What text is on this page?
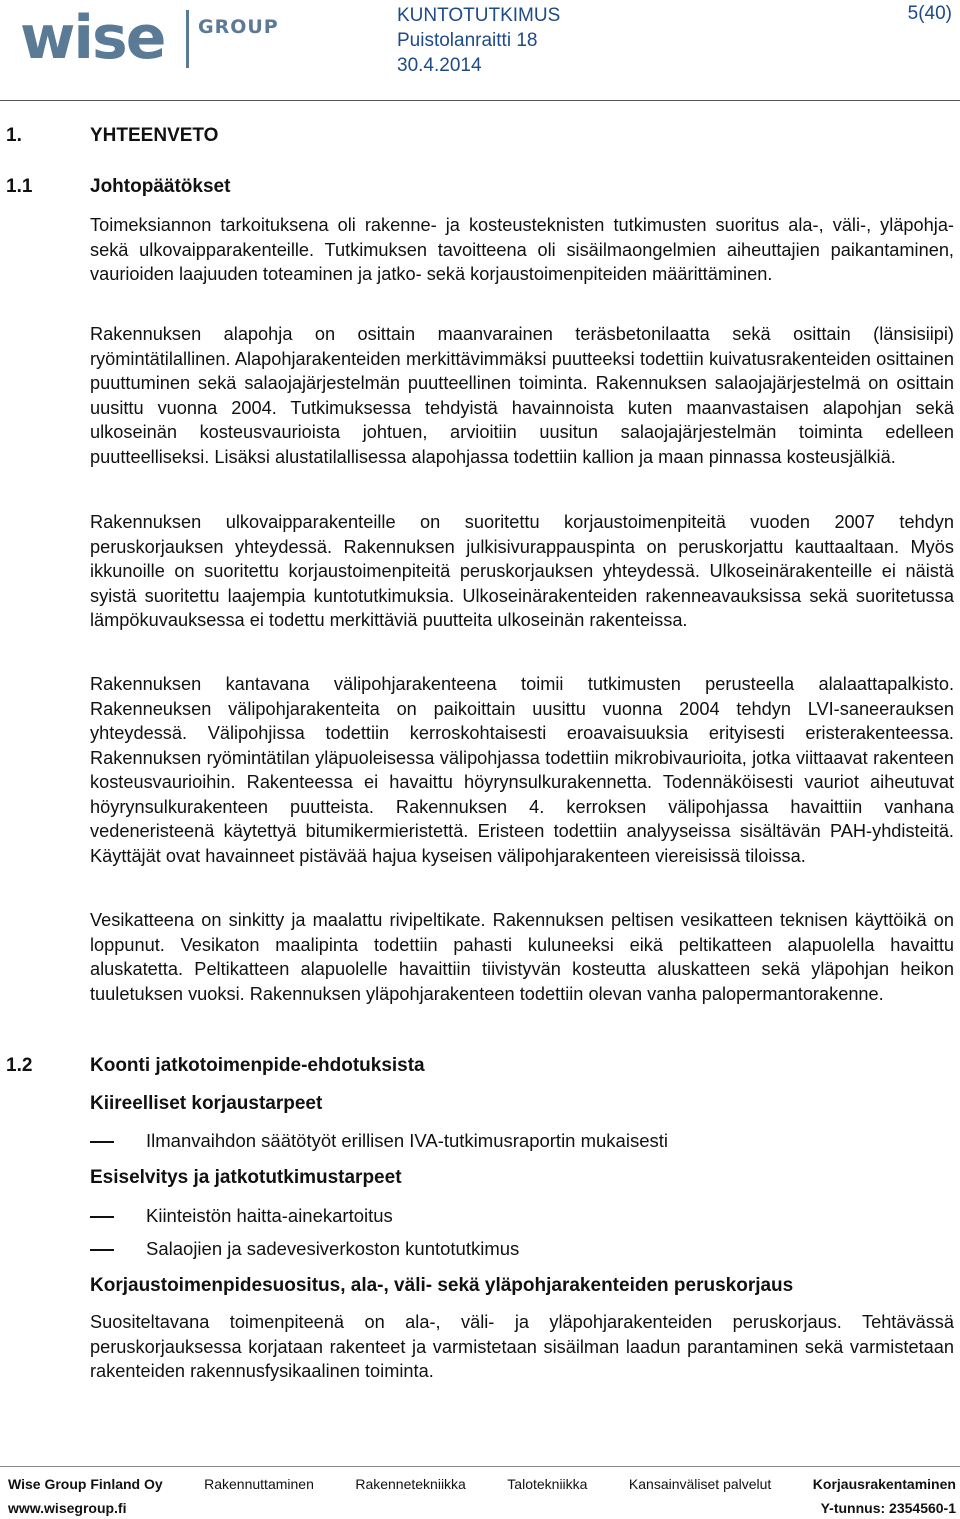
wise GROUP
KUNTOTUTKIMUS
Puistolanraitti 18
30.4.2014
5(40)
1.	YHTEENVETO
1.1	Johtopäätökset
Toimeksiannon tarkoituksena oli rakenne- ja kosteusteknisten tutkimusten suoritus ala-, väli-, yläpohja- sekä ulkovaipparakenteille. Tutkimuksen tavoitteena oli sisäilmaongelmien aiheuttajien paikantaminen, vaurioiden laajuuden toteaminen ja jatko- sekä korjaustoimenpiteiden määrittäminen.
Rakennuksen alapohja on osittain maanvarainen teräsbetonilaatta sekä osittain (länsisiipi) ryömintätilallinen. Alapohjarakenteiden merkittävimmäksi puutteeksi todettiin kuivatusrakenteiden osittainen puuttuminen sekä salaojajärjestelmän puutteellinen toiminta. Rakennuksen salaojajärjestelmä on osittain uusittu vuonna 2004. Tutkimuksessa tehdyistä havainnoista kuten maanvastaisen alapohjan sekä ulkoseinän kosteusvaurioista johtuen, arvioitiin uusitun salaojajärjestelmän toiminta edelleen puutteelliseksi. Lisäksi alustatilallisessa alapohjassa todettiin kallion ja maan pinnassa kosteusjälkiä.
Rakennuksen ulkovaipparakenteille on suoritettu korjaustoimenpiteitä vuoden 2007 tehdyn peruskorjauksen yhteydessä. Rakennuksen julkisivurappauspinta on peruskorjattu kauttaaltaan. Myös ikkunoille on suoritettu korjaustoimenpiteitä peruskorjauksen yhteydessä. Ulkoseinärakenteille ei näistä syistä suoritettu laajempia kuntotutkimuksia. Ulkoseinärakenteiden rakenneavauksissa sekä suoritetussa lämpökuvauksessa ei todettu merkittäviä puutteita ulkoseinän rakenteissa.
Rakennuksen kantavana välipohjarakenteena toimii tutkimusten perusteella alalaattapalkisto. Rakenneuksen välipohjarakenteita on paikoittain uusittu vuonna 2004 tehdyn LVI-saneerauksen yhteydessä. Välipohjissa todettiin kerroskohtaisesti eroavaisuuksia erityisesti eristerakenteessa. Rakennuksen ryömintätilan yläpuoleisessa välipohjassa todettiin mikrobivaurioita, jotka viittaavat rakenteen kosteusvaurioihin. Rakenteessa ei havaittu höyrynsulkurakennetta. Todennäköisesti vauriot aiheutuvat höyrynsulkurakenteen puutteista. Rakennuksen 4. kerroksen välipohjassa havaittiin vanhana vedeneristeenä käytettyä bitumikermieristettä. Eristeen todettiin analyyseissa sisältävän PAH-yhdisteitä. Käyttäjät ovat havainneet pistävää hajua kyseisen välipohjarakenteen viereisissä tiloissa.
Vesikatteena on sinkitty ja maalattu rivipeltikate. Rakennuksen peltisen vesikatteen teknisen käyttöikä on loppunut. Vesikaton maalipinta todettiin pahasti kuluneeksi eikä peltikatteen alapuolella havaittu aluskatetta. Peltikatteen alapuolelle havaittiin tiivistyvän kosteutta aluskatteen sekä yläpohjan heikon tuuletuksen vuoksi. Rakennuksen yläpohjarakenteen todettiin olevan vanha palopermantorakenne.
1.2	Koonti jatkotoimenpide-ehdotuksista
Kiireelliset korjaustarpeet
Ilmanvaihdon säätötyöt erillisen IVA-tutkimusraportin mukaisesti
Esiselvitys ja jatkotutkimustarpeet
Kiinteistön haitta-ainekartoitus
Salaojien ja sadevesiverkoston kuntotutkimus
Korjaustoimenpidesuositus, ala-, väli- sekä yläpohjarakenteiden peruskorjaus
Suositeltavana toimenpiteenä on ala-, väli- ja yläpohjarakenteiden peruskorjaus. Tehtävässä peruskorjauksessa korjataan rakenteet ja varmistetaan sisäilman laadun parantaminen sekä varmistetaan rakenteiden rakennusfysikaalinen toiminta.
Wise Group Finland Oy	Rakennuttaminen	Rakennetekniikka	Talotekniikka	Kansainväliset palvelut	Korjausrakentaminen
www.wisegroup.fi	Y-tunnus: 2354560-1
